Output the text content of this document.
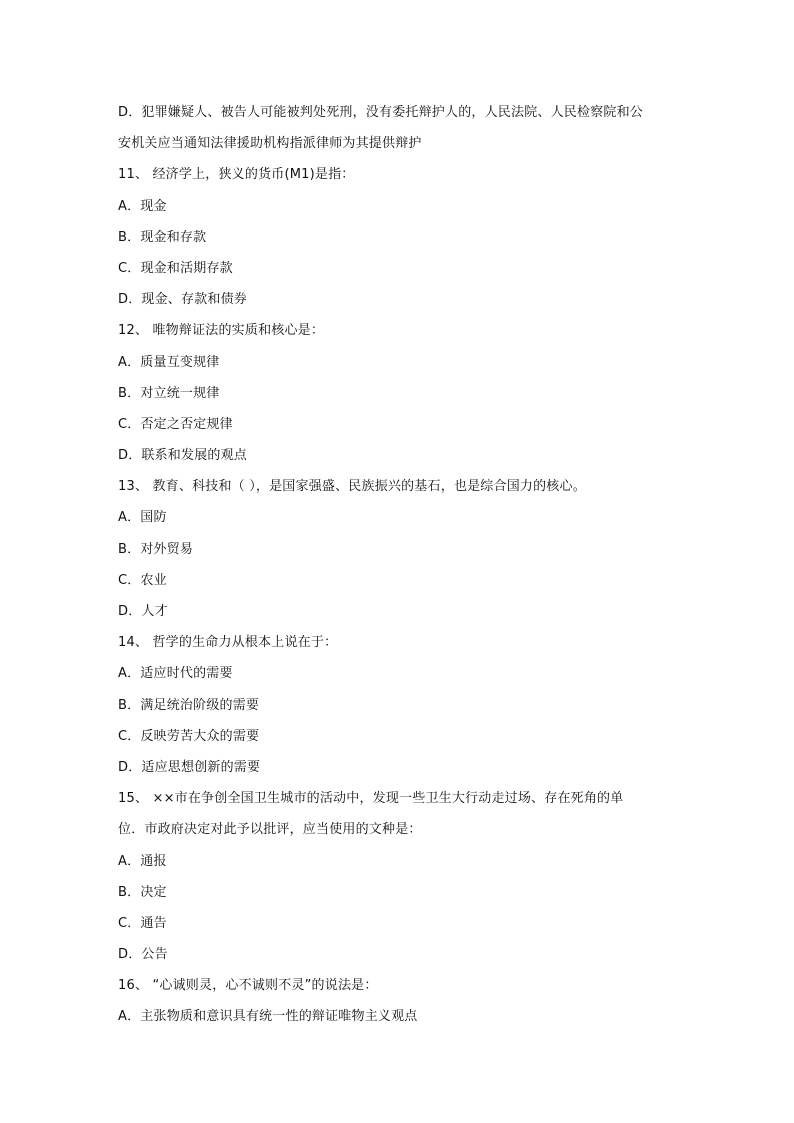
D．犯罪嫌疑人、被告人可能被判处死刑，没有委托辩护人的，人民法院、人民检察院和公
安机关应当通知法律援助机构指派律师为其提供辩护
11、 经济学上，狭义的货币(M1)是指：
A．现金
B．现金和存款
C．现金和活期存款
D．现金、存款和债券
12、 唯物辩证法的实质和核心是：
A．质量互变规律
B．对立统一规律
C．否定之否定规律
D．联系和发展的观点
13、 教育、科技和（ ），是国家强盛、民族振兴的基石，也是综合国力的核心。
A．国防
B．对外贸易
C．农业
D．人才
14、 哲学的生命力从根本上说在于：
A．适应时代的需要
B．满足统治阶级的需要
C．反映劳苦大众的需要
D．适应思想创新的需要
15、 ××市在争创全国卫生城市的活动中，发现一些卫生大行动走过场、存在死角的单
位．市政府决定对此予以批评，应当使用的文种是：
A．通报
B．决定
C．通告
D．公告
16、 “心诚则灵，心不诚则不灵”的说法是：
A．主张物质和意识具有统一性的辩证唯物主义观点
